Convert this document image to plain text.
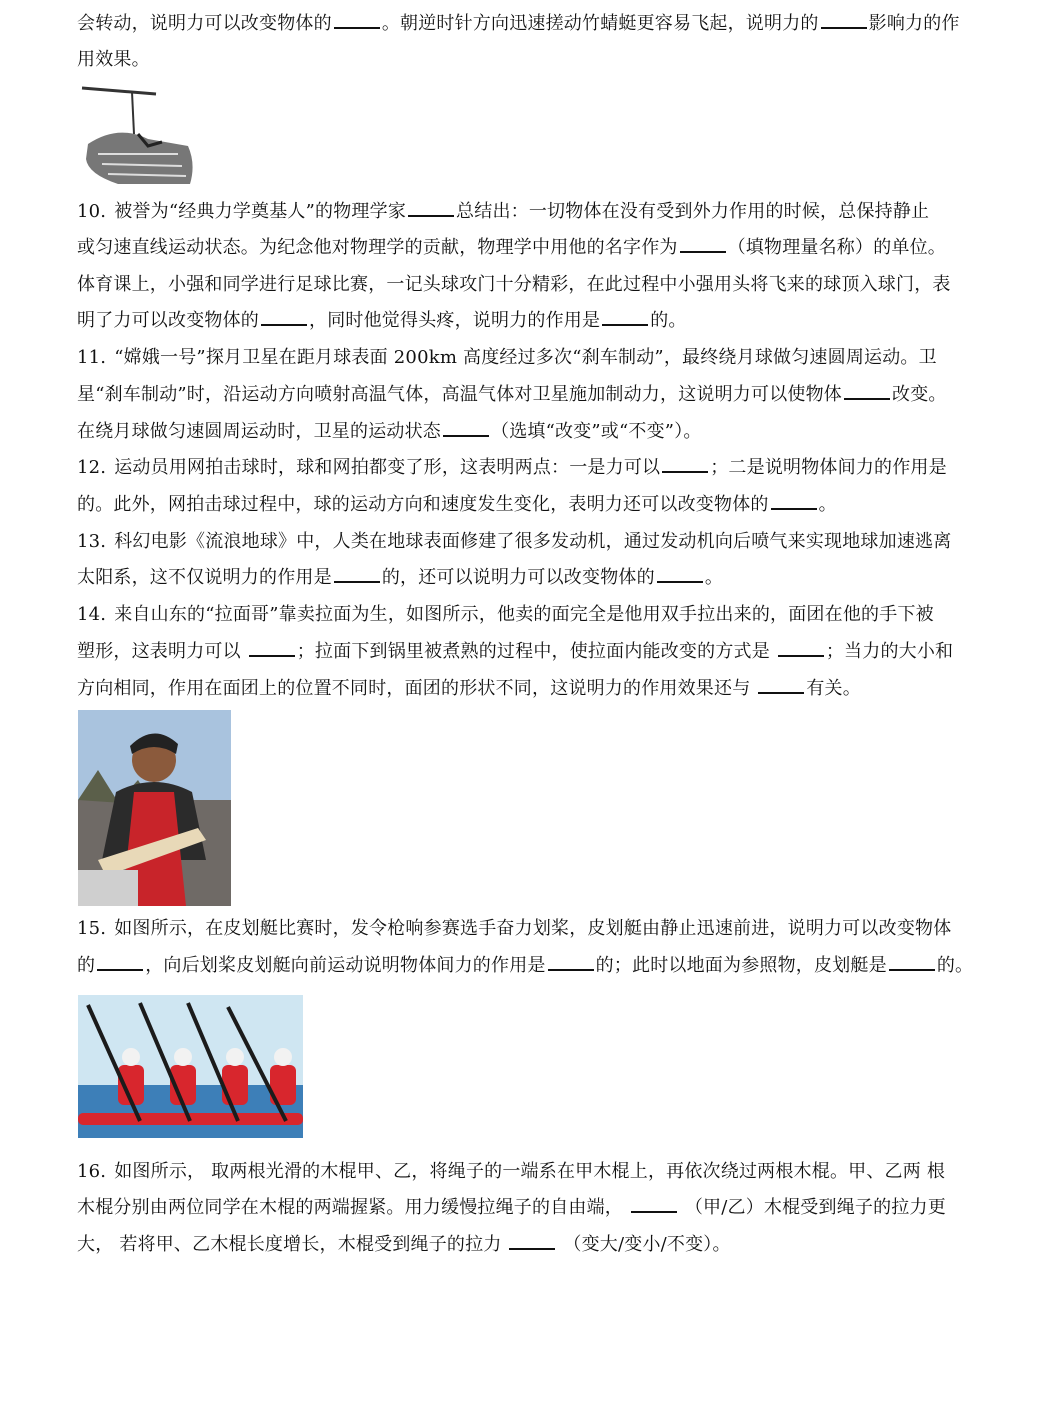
会转动，说明力可以改变物体的	。朝逆时针方向迅速搓动竹蜻蜓更容易飞起，说明力的	影响力的作
用效果。
10. 被誉为“经典力学奠基人”的物理学家	总结出：一切物体在没有受到外力作用的时候，总保持静止
或匀速直线运动状态。为纪念他对物理学的贡献，物理学中用他的名字作为	（填物理量名称）的单位。
体育课上，小强和同学进行足球比赛，一记头球攻门十分精彩，在此过程中小强用头将飞来的球顶入球门，表
明了力可以改变物体的	，同时他觉得头疼，说明力的作用是	的。
11. “嫦娥一号”探月卫星在距月球表面 200km 高度经过多次“刹车制动”，最终绕月球做匀速圆周运动。卫
星“刹车制动”时，沿运动方向喷射高温气体，高温气体对卫星施加制动力，这说明力可以使物体	改变。
在绕月球做匀速圆周运动时，卫星的运动状态	（选填“改变”或“不变”）。
12. 运动员用网拍击球时，球和网拍都变了形，这表明两点：一是力可以	；二是说明物体间力的作用是
的。此外，网拍击球过程中，球的运动方向和速度发生变化，表明力还可以改变物体的	。
13. 科幻电影《流浪地球》中，人类在地球表面修建了很多发动机，通过发动机向后喷气来实现地球加速逃离
太阳系，这不仅说明力的作用是	的，还可以说明力可以改变物体的	。
14. 来自山东的“拉面哥”靠卖拉面为生，如图所示，他卖的面完全是他用双手拉出来的，面团在他的手下被
塑形，这表明力可以	；拉面下到锅里被煮熟的过程中，使拉面内能改变的方式是	；当力的大小和
方向相同，作用在面团上的位置不同时，面团的形状不同，这说明力的作用效果还与	有关。
15. 如图所示，在皮划艇比赛时，发令枪响参赛选手奋力划桨，皮划艇由静止迅速前进，说明力可以改变物体
的	，向后划桨皮划艇向前运动说明物体间力的作用是	的；此时以地面为参照物，皮划艇是	的。
16. 如图所示， 取两根光滑的木棍甲、乙，将绳子的一端系在甲木棍上，再依次绕过两根木棍。甲、乙两 根
木棍分别由两位同学在木棍的两端握紧。用力缓慢拉绳子的自由端，	（甲/乙）木棍受到绳子的拉力更
大， 若将甲、乙木棍长度增长，木棍受到绳子的拉力	（变大/变小/不变）。
